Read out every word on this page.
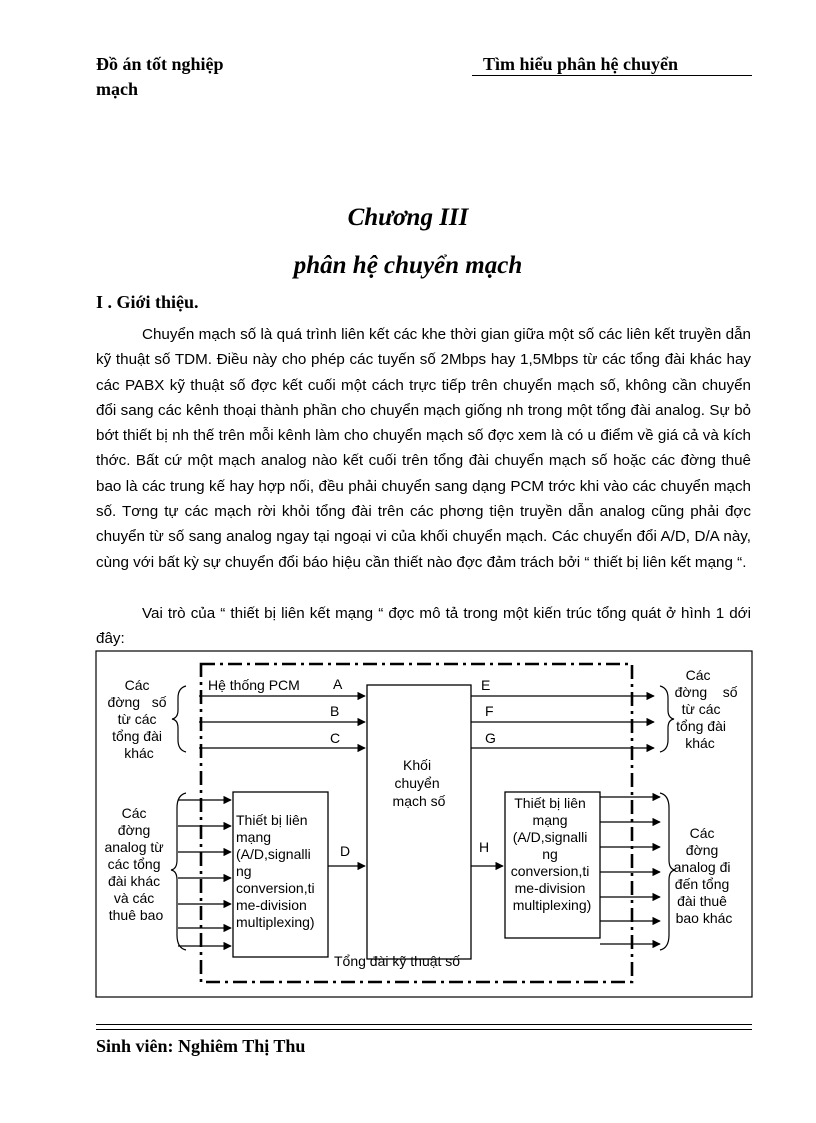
Đồ án tốt nghiệp	Tìm hiểu phân hệ chuyển
mạch
Chương III
phân hệ chuyển mạch
I . Giới thiệu.
Chuyển mạch số là quá trình liên kết các khe thời gian giữa một số các liên kết truyền dẫn kỹ thuật số TDM. Điều này cho phép các tuyến số 2Mbps hay 1,5Mbps từ các tổng đài khác hay các PABX kỹ thuật số đợc kết cuối một cách trực tiếp trên chuyển mạch số, không cần chuyển đổi sang các kênh thoại thành phần cho chuyển mạch giống nh trong một tổng đài analog. Sự bỏ bớt thiết bị nh thế trên mỗi kênh làm cho chuyển mạch số đợc xem là có u điểm về giá cả và kích thớc. Bất cứ một mạch analog nào kết cuối trên tổng đài chuyển mạch số hoặc các đờng thuê bao là các trung kế hay hợp nối, đều phải chuyển sang dạng PCM trớc khi vào các chuyển mạch số. Tơng tự các mạch rời khỏi tổng đài trên các phơng tiện truyền dẫn analog cũng phải đợc chuyển từ số sang analog ngay tại ngoại vi của khối chuyển mạch. Các chuyển đổi A/D, D/A này, cùng với bất kỳ sự chuyển đổi báo hiệu cần thiết nào đợc đảm trách bởi “ thiết bị liên kết mạng “.
Vai trò của “ thiết bị liên kết mạng “ đợc mô tả trong một kiến trúc tổng quát ở hình 1 dới đây:
Khối chuyển mạch số
Hệ thống PCM A
B
C
E
F
G
Các đờng   số từ các tổng đài khác
Các đờng    số từ các tổng đài khác
Các đờng analog từ các tổng đài khác và các thuê bao
Các đờng analog đi đến tổng đài thuê bao khác
Thiết bị liên mạng (A/D,signalli ng conversion,ti me-division multiplexing)
Thiết bị liên mạng (A/D,signalli ng conversion,ti me-division multiplexing)
D	H
Tổng đài kỹ thuật số
Sinh viên: Nghiêm Thị Thu
